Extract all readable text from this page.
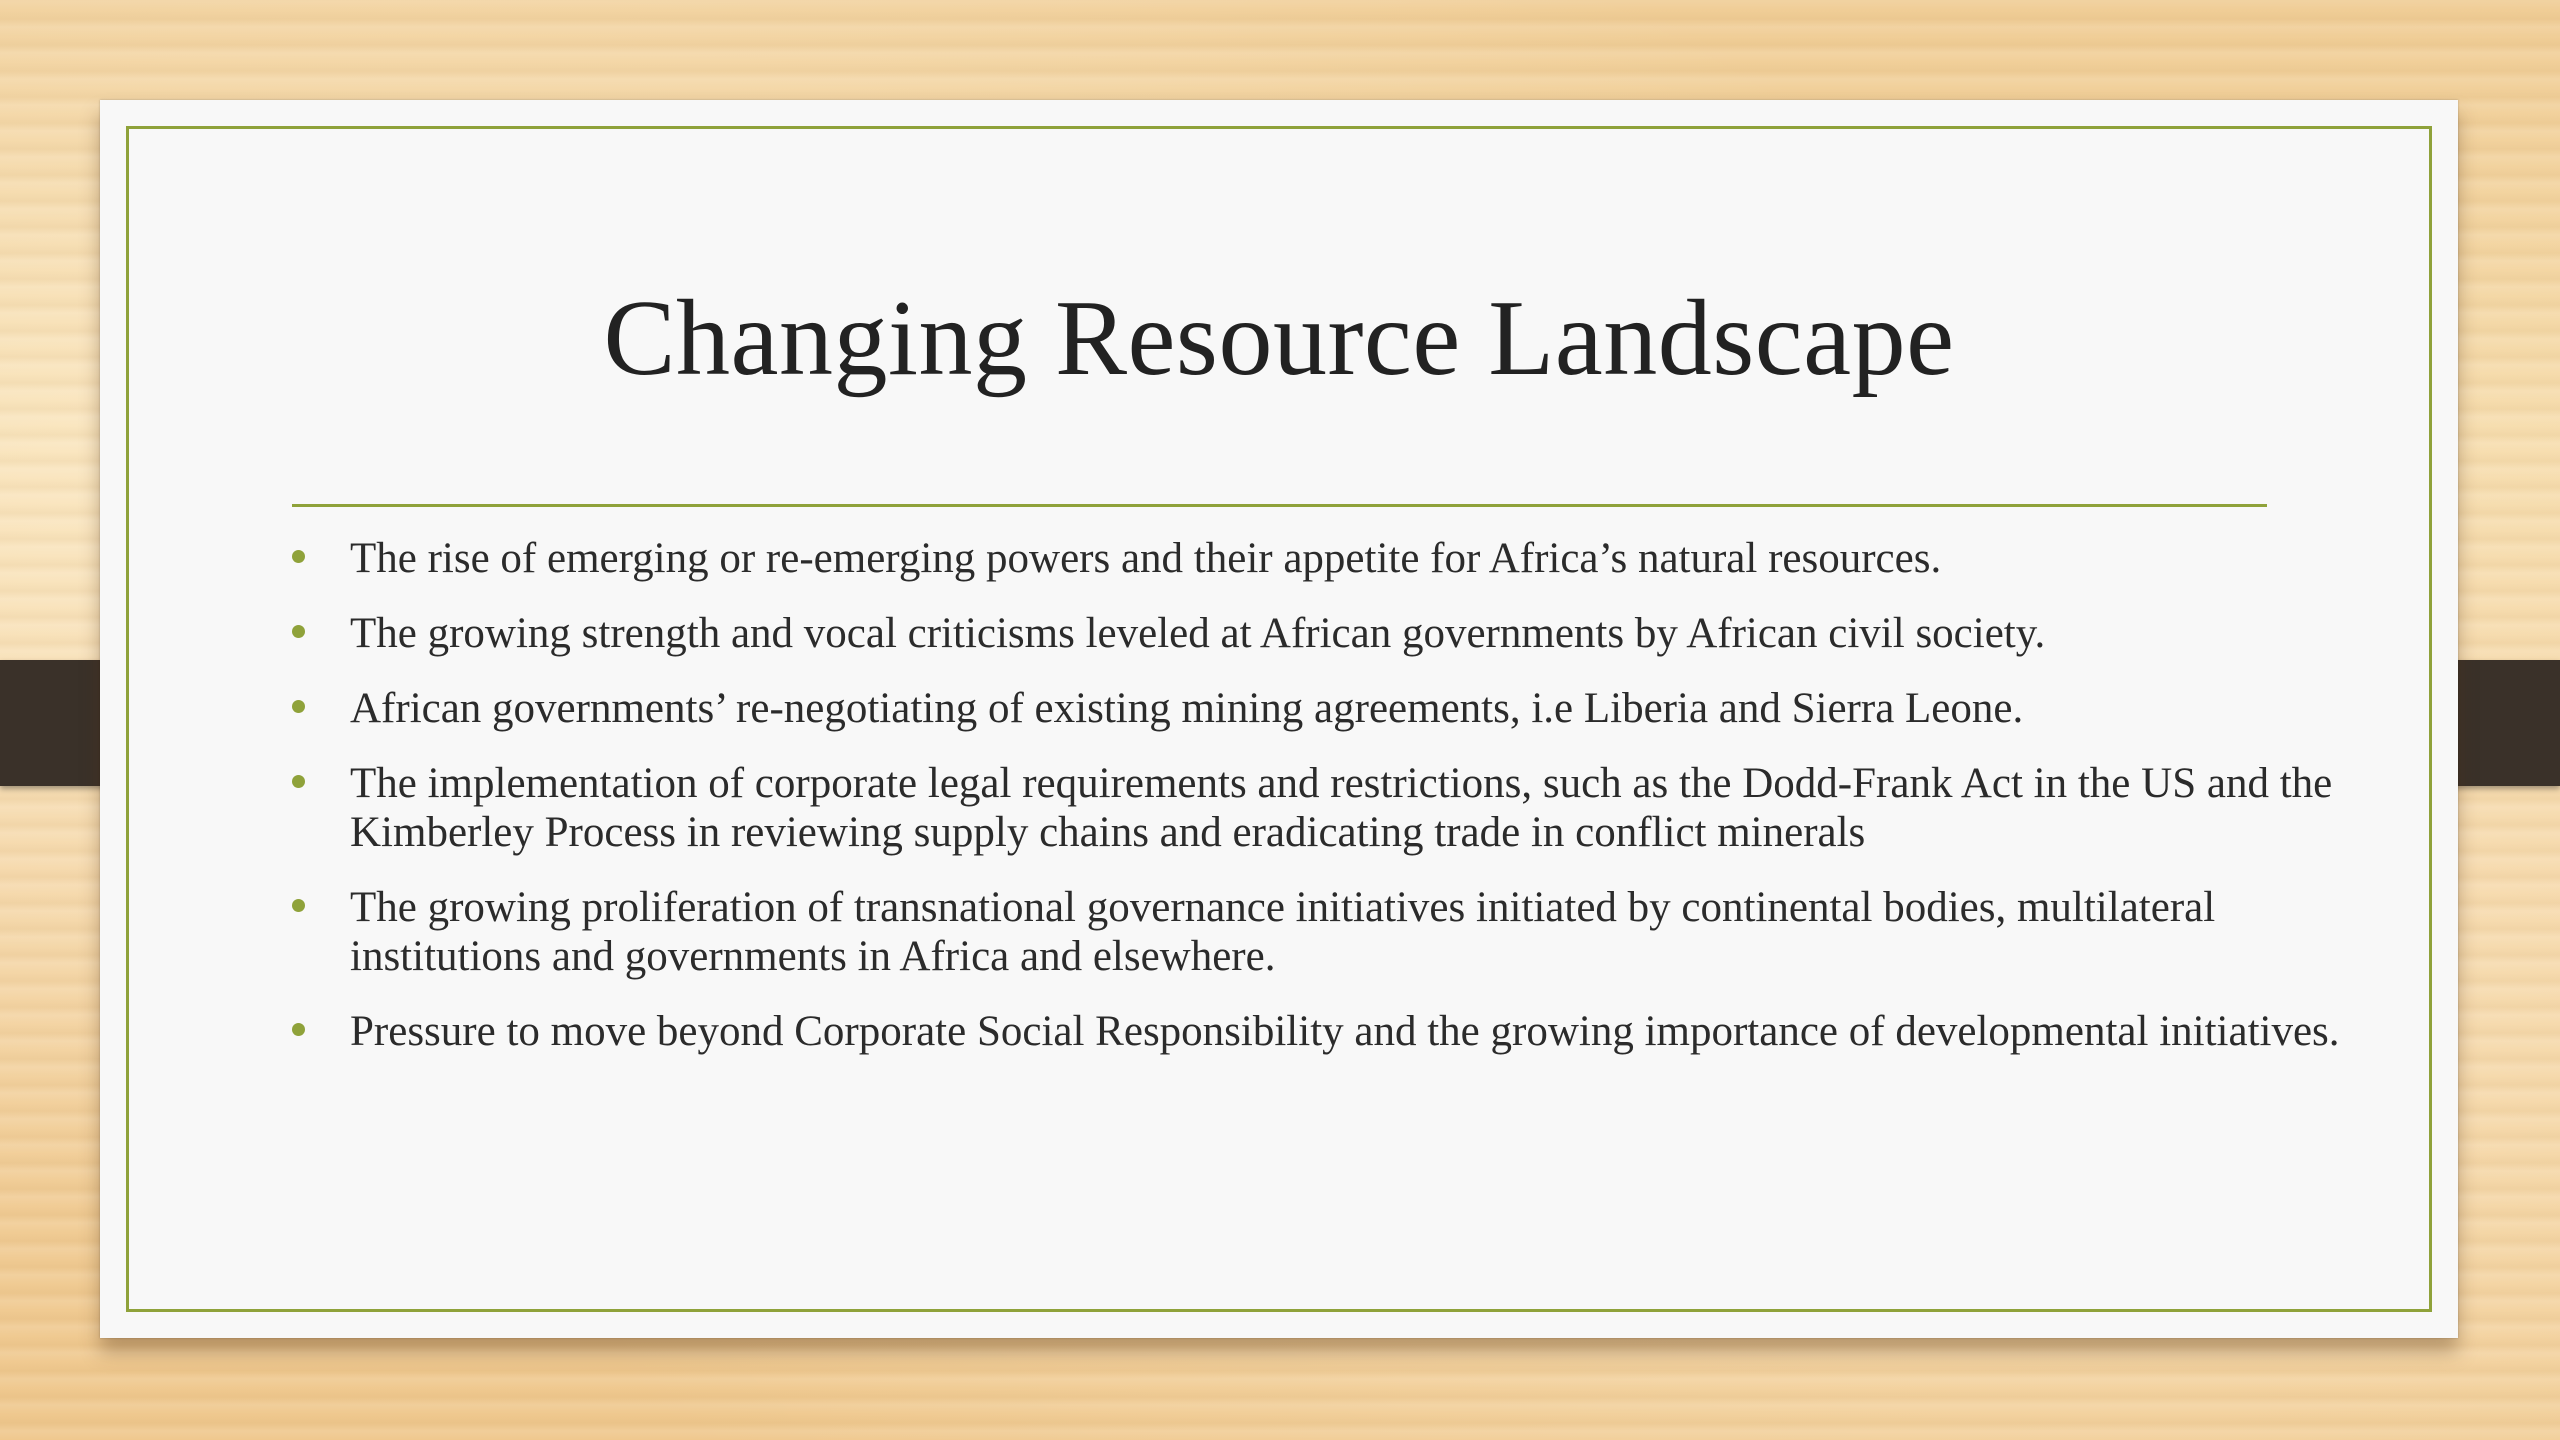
Changing Resource Landscape
The rise of emerging or re-emerging powers and their appetite for Africa’s natural resources.
The growing strength and vocal criticisms leveled at African governments by African civil society.
African governments’ re-negotiating of existing mining agreements, i.e Liberia and Sierra Leone.
The implementation of corporate legal requirements and restrictions, such as the Dodd-Frank Act in the US and the Kimberley Process in reviewing supply chains and eradicating trade in conflict minerals
The growing proliferation of transnational governance initiatives initiated by continental bodies, multilateral institutions and governments in Africa and elsewhere.
Pressure to move beyond Corporate Social Responsibility and the growing importance of developmental initiatives.
